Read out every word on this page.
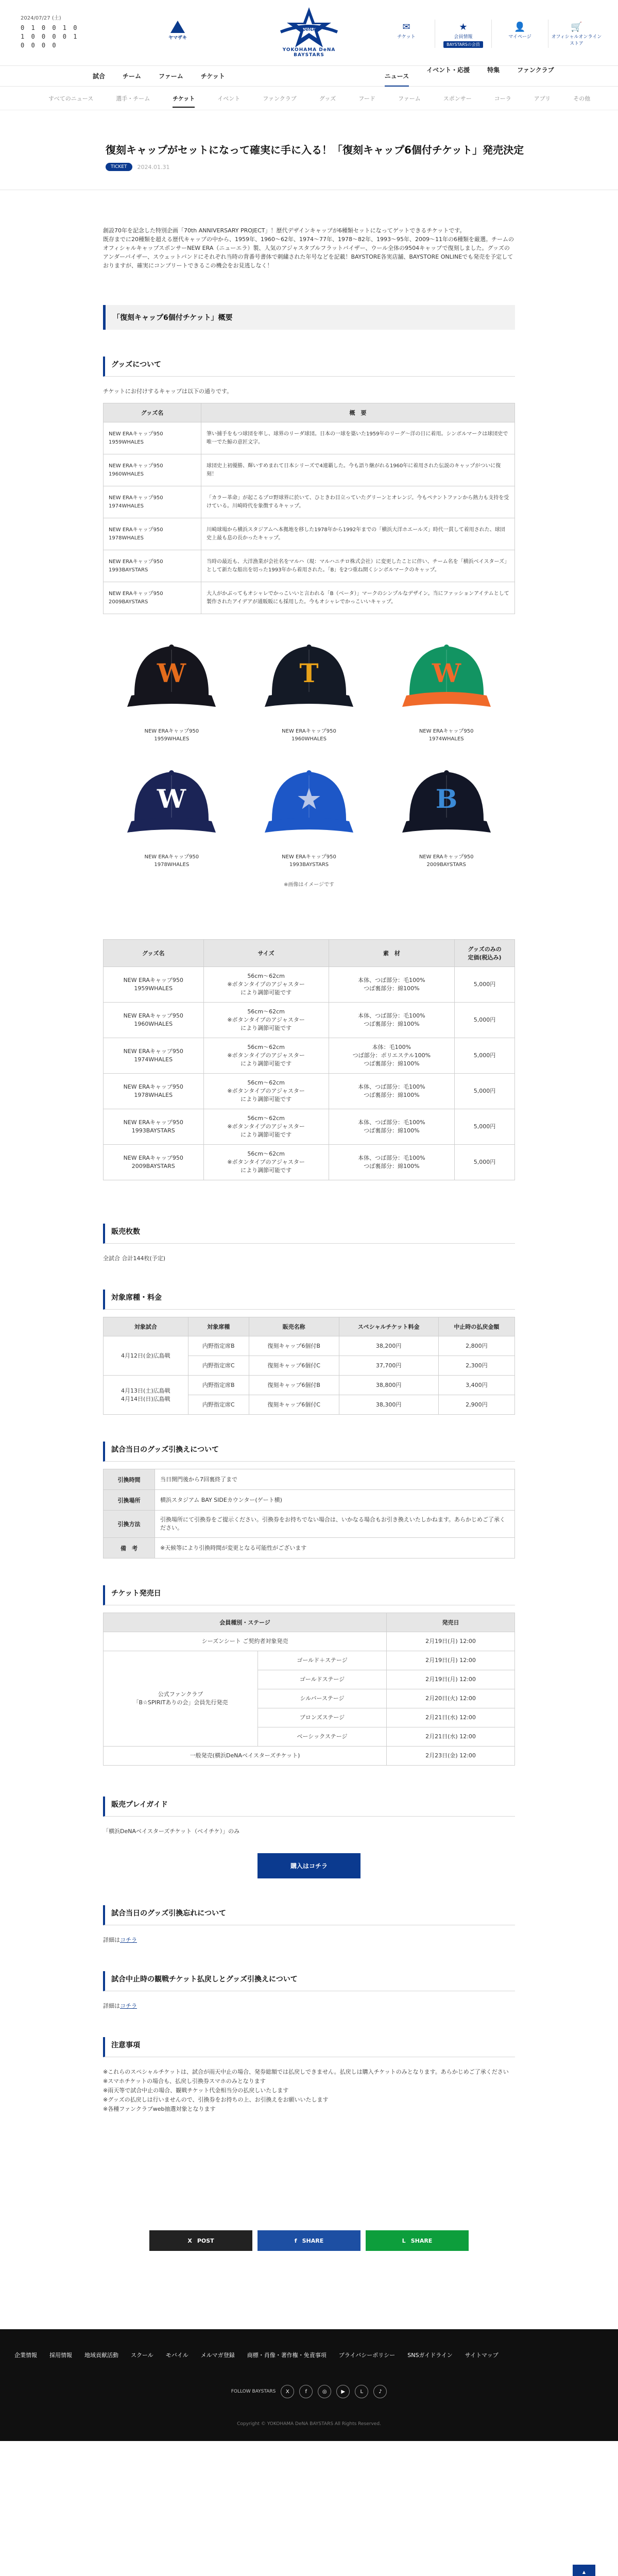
2024/07/27 (土)
0 1 0 0 1 0
1 0 0 0 0 1
0 0 0 0
ヤマザキ
DeNA
YOKOHAMA DeNA BAYSTARS
✉
チケット
★
会員情報
BAYSTARSの会員
👤
マイページ
🛒
オフィシャルオンラインストア
試合	チーム	ファーム	チケット	ニュース
イベント・応援	特集	ファンクラブ
すべてのニュース	選手・チーム	チケット	イベント	ファンクラブ	グッズ	フード	ファーム	スポンサー	コーラ	アプリ	その他
復刻キャップがセットになって確実に手に入る！「復刻キャップ6個付チケット」発売決定
TICKET	2024.01.31

創設70年を記念した特別企画「70th ANNIVERSARY PROJECT」！歴代デザインキャップが6種類セットになってゲットできるチケットです。
既存までに20種類を超える歴代キャップの中から、1959年、1960～62年、1974～77年、1978～82年、1993～95年、2009～11年の6種類を厳選。チームのオフィシャルキャップスポンサーNEW ERA（ニューエラ）製、人気のアジャスタブルフラットバイザー、ウール全体の9504キャップで復刻しました。グッズのアンダーバイザー、スウェットバンドにそれぞれ当時の背番号書体で刺繍された年号などを記載！BAYSTORE各実店舗、BAYSTORE ONLINEでも発売を予定しておりますが、確実にコンプリートできるこの機会をお見逃しなく！

「復刻キャップ6個付チケット」概要
グッズについて

チケットにお付けするキャップは以下の通りです。

グッズ名	概　要
NEW ERAキャップ950 1959WHALES	筆い捕手をもつ球団を率し、球界のリーダ球団。日本の一球を築いた1959年のリーグ～洋の日に着用。シンボルマークは球団史で唯一でた鯨の意匠文字。
NEW ERAキャップ950 1960WHALES	球団史上初優勝、輝いすめまれて日本シリーズで4連覇した。今も語り継がれる1960年に着用された伝説のキャップがついに復刻！
NEW ERAキャップ950 1974WHALES	「カラー革命」が起こるプロ野球界に於いて、ひときわ目立っていたグリーンとオレンジ。今もペナントファンから熱力も支持を受けている。川崎時代を象徴するキャップ。
NEW ERAキャップ950 1978WHALES	川崎球場から横浜スタジアムへ本拠地を移した1978年から1992年までの「横浜大洋ホエールズ」時代一貫して着用された、球団史上最も息の長かったキャップ。
NEW ERAキャップ950 1993BAYSTARS	当時の最近も、大洋漁業が会社名をマルハ（現：マルハニチロ株式会社）に変更したことに伴い、チーム名を「横浜ベイスターズ」として新たな船出を切った1993年から着用された。「B」を2つ重ね開くシンボルマークのキャップ。
NEW ERAキャップ950 2009BAYSTARS	大人がかぶってもオシャレでかっこいいと言われる「B（ベータ）」マークのシンプルなデザイン。当にファッションアイテムとして製作されたアイデアが通販販にも採用した。今もオシャレでかっこいいキャップ。
W
NEW ERAキャップ950
1959WHALES
T
NEW ERAキャップ950
1960WHALES
W
NEW ERAキャップ950
1974WHALES
W
NEW ERAキャップ950
1978WHALES
★
NEW ERAキャップ950
1993BAYSTARS
B
NEW ERAキャップ950
2009BAYSTARS

※画像はイメージです

グッズ名	サイズ	素　材	グッズのみの
定価(税込み)
NEW ERAキャップ950
1959WHALES	56cm～62cm
※ボタンタイプのアジャスター
により調節可能です	本体、つば部分：毛100%
つば裏部分：綿100%	5,000円
NEW ERAキャップ950
1960WHALES	56cm～62cm
※ボタンタイプのアジャスター
により調節可能です	本体、つば部分：毛100%
つば裏部分：綿100%	5,000円
NEW ERAキャップ950
1974WHALES	56cm～62cm
※ボタンタイプのアジャスター
により調節可能です	本体：毛100%
つば部分：ポリエステル100%
つば裏部分：綿100%	5,000円
NEW ERAキャップ950
1978WHALES	56cm～62cm
※ボタンタイプのアジャスター
により調節可能です	本体、つば部分：毛100%
つば裏部分：綿100%	5,000円
NEW ERAキャップ950
1993BAYSTARS	56cm～62cm
※ボタンタイプのアジャスター
により調節可能です	本体、つば部分：毛100%
つば裏部分：綿100%	5,000円
NEW ERAキャップ950
2009BAYSTARS	56cm～62cm
※ボタンタイプのアジャスター
により調節可能です	本体、つば部分：毛100%
つば裏部分：綿100%	5,000円
販売枚数

全試合 合計144枚(予定)

対象席種・料金
対象試合	対象席種	販売名称	スペシャルチケット料金	中止時の払戻金額
4月12日(金)広島戦	内野指定席B	復刻キャップ6個付B	38,200円	2,800円
	内野指定席C	復刻キャップ6個付C	37,700円	2,300円
4月13日(土)広島戦
4月14日(日)広島戦	内野指定席B	復刻キャップ6個付B	38,800円	3,400円
	内野指定席C	復刻キャップ6個付C	38,300円	2,900円
試合当日のグッズ引換えについて
引換時間	当日開門後から7回裏終了まで
引換場所	横浜スタジアム BAY SIDEカウンター(ゲート横)
引換方法	引換場所にて引換券をご提示ください。引換券をお持ちでない場合は、いかなる場合もお引き換えいたしかねます。あらかじめご了承ください。
備　考	※天候等により引換時間が変更となる可能性がございます
チケット発売日
会員種別・ステージ		発売日
シーズンシート ご契約者対象発売		2月19日(月) 12:00
公式ファンクラブ
「B☆SPIRITありの会」会員先行発売	ゴールド＋ステージ	2月19日(月) 12:00
	ゴールドステージ	2月19日(月) 12:00
	シルバーステージ	2月20日(火) 12:00
	ブロンズステージ	2月21日(水) 12:00
	ベーシックステージ	2月21日(水) 12:00
一般発売(横浜DeNAベイスターズチケット)		2月23日(金) 12:00
販売プレイガイド

「横浜DeNAベイスターズチケット（ベイチケ）」のみ

購入はコチラ
試合当日のグッズ引換忘れについて

詳細はコチラ

試合中止時の観戦チケット払戻しとグッズ引換えについて

詳細はコチラ

注意事項
※これらのスペシャルチケットは、試合が雨天中止の場合、発券総額では払戻しできません。払戻しは購入チケットのみとなります。あらかじめご了承ください
※スマホチケットの場合も、払戻し引換券スマホのみとなります
※雨天等で試合中止の場合、観戦チケット代金相当分の払戻しいたします
※グッズの払戻しは行いませんので、引換券をお持ちの上、お引換えをお願いいたします
※各種ファンクラブweb抽選対象となります
X POST	f SHARE	L SHARE
▲

企業情報 採用情報 地域貢献活動 スクール モバイル メルマガ登録 商標・肖像・著作権・免責事項 プライバシーポリシー SNSガイドライン サイトマップ
FOLLOW BAYSTARS	X	f	◎	▶	L	♪
Copyright © YOKOHAMA DeNA BAYSTARS All Rights Reserved.
